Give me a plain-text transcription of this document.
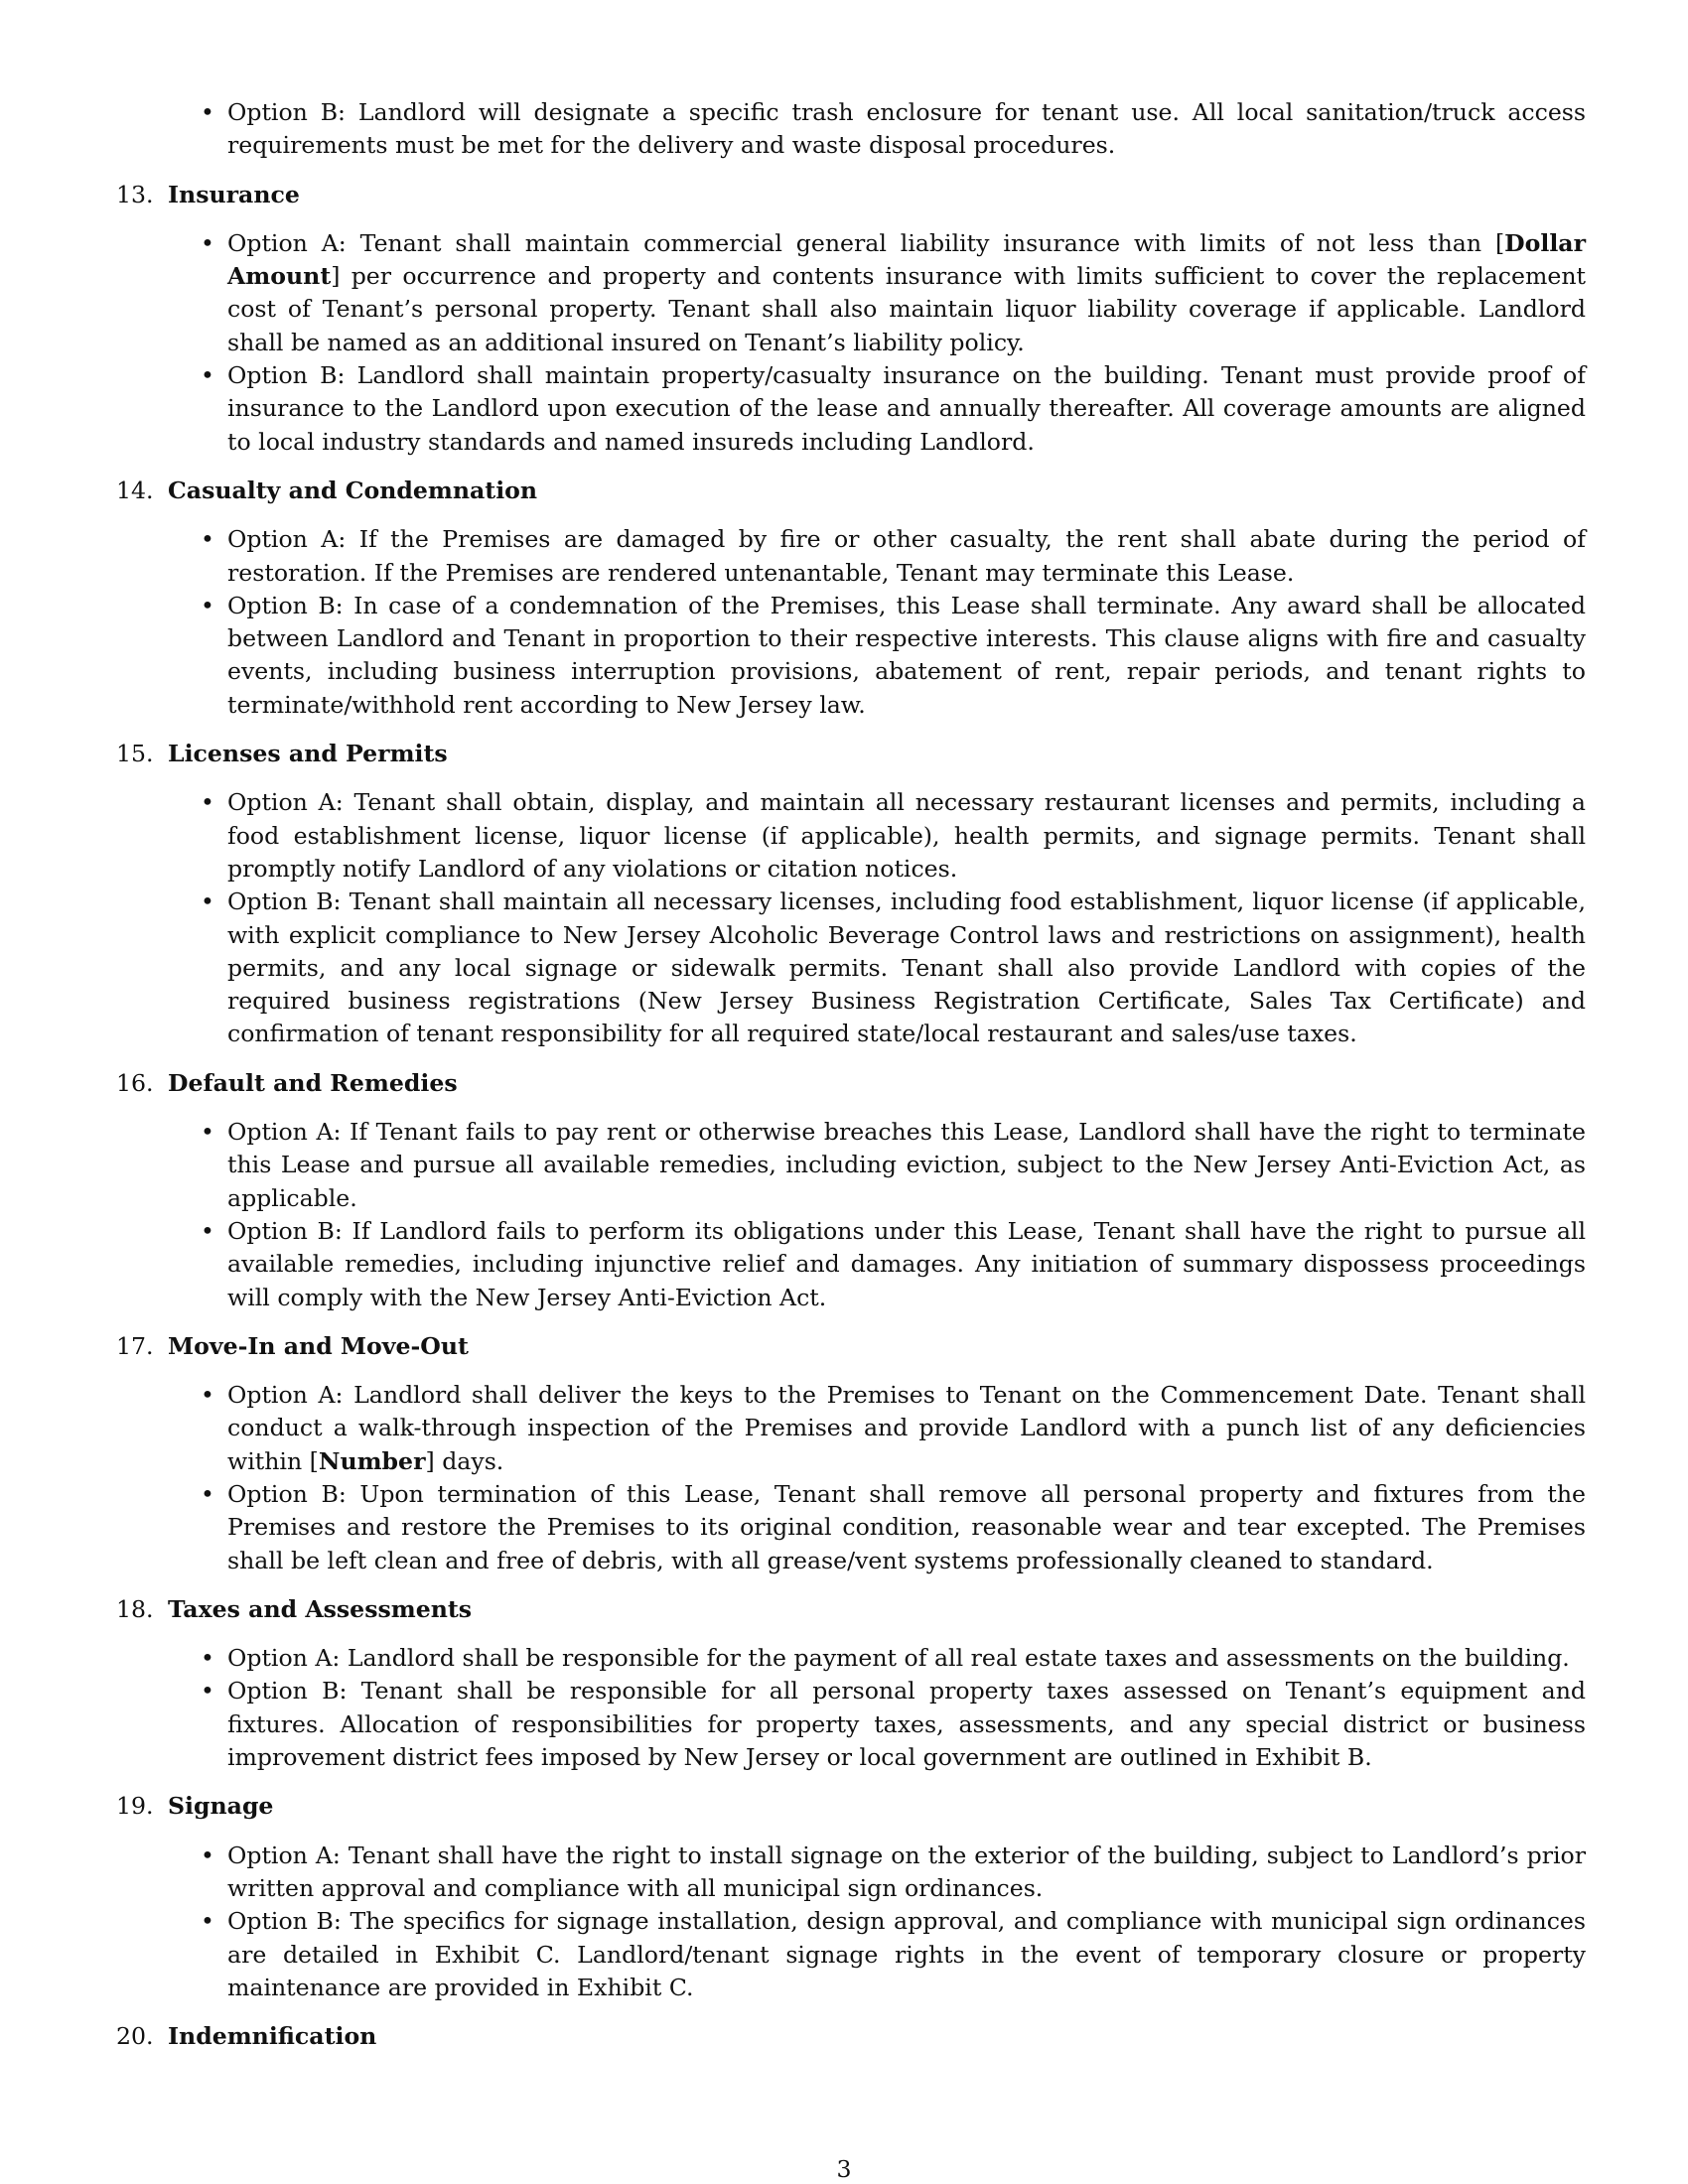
• Option B: Landlord will designate a specific trash enclosure for tenant use. All local sanitation/truck access requirements must be met for the delivery and waste disposal procedures.
13. Insurance
• Option A: Tenant shall maintain commercial general liability insurance with limits of not less than [Dollar Amount] per occurrence and property and contents insurance with limits sufficient to cover the replacement cost of Tenant’s personal property. Tenant shall also maintain liquor liability coverage if applicable. Landlord shall be named as an additional insured on Tenant’s liability policy.
• Option B: Landlord shall maintain property/casualty insurance on the building. Tenant must provide proof of insurance to the Landlord upon execution of the lease and annually thereafter. All coverage amounts are aligned to local industry standards and named insureds including Landlord.
14. Casualty and Condemnation
• Option A: If the Premises are damaged by fire or other casualty, the rent shall abate during the period of restoration. If the Premises are rendered untenantable, Tenant may terminate this Lease.
• Option B: In case of a condemnation of the Premises, this Lease shall terminate. Any award shall be allocated between Landlord and Tenant in proportion to their respective interests. This clause aligns with fire and casualty events, including business interruption provisions, abatement of rent, repair periods, and tenant rights to terminate/withhold rent according to New Jersey law.
15. Licenses and Permits
• Option A: Tenant shall obtain, display, and maintain all necessary restaurant licenses and permits, including a food establishment license, liquor license (if applicable), health permits, and signage permits. Tenant shall promptly notify Landlord of any violations or citation notices.
• Option B: Tenant shall maintain all necessary licenses, including food establishment, liquor license (if applicable, with explicit compliance to New Jersey Alcoholic Beverage Control laws and restrictions on assignment), health permits, and any local signage or sidewalk permits. Tenant shall also provide Landlord with copies of the required business registrations (New Jersey Business Registration Certificate, Sales Tax Certificate) and confirmation of tenant responsibility for all required state/local restaurant and sales/use taxes.
16. Default and Remedies
• Option A: If Tenant fails to pay rent or otherwise breaches this Lease, Landlord shall have the right to terminate this Lease and pursue all available remedies, including eviction, subject to the New Jersey Anti-Eviction Act, as applicable.
• Option B: If Landlord fails to perform its obligations under this Lease, Tenant shall have the right to pursue all available remedies, including injunctive relief and damages. Any initiation of summary dispossess proceedings will comply with the New Jersey Anti-Eviction Act.
17. Move-In and Move-Out
• Option A: Landlord shall deliver the keys to the Premises to Tenant on the Commencement Date. Tenant shall conduct a walk-through inspection of the Premises and provide Landlord with a punch list of any deficiencies within [Number] days.
• Option B: Upon termination of this Lease, Tenant shall remove all personal property and fixtures from the Premises and restore the Premises to its original condition, reasonable wear and tear excepted. The Premises shall be left clean and free of debris, with all grease/vent systems professionally cleaned to standard.
18. Taxes and Assessments
• Option A: Landlord shall be responsible for the payment of all real estate taxes and assessments on the building.
• Option B: Tenant shall be responsible for all personal property taxes assessed on Tenant’s equipment and fixtures. Allocation of responsibilities for property taxes, assessments, and any special district or business improvement district fees imposed by New Jersey or local government are outlined in Exhibit B.
19. Signage
• Option A: Tenant shall have the right to install signage on the exterior of the building, subject to Landlord’s prior written approval and compliance with all municipal sign ordinances.
• Option B: The specifics for signage installation, design approval, and compliance with municipal sign ordinances are detailed in Exhibit C. Landlord/tenant signage rights in the event of temporary closure or property maintenance are provided in Exhibit C.
20. Indemnification
3
